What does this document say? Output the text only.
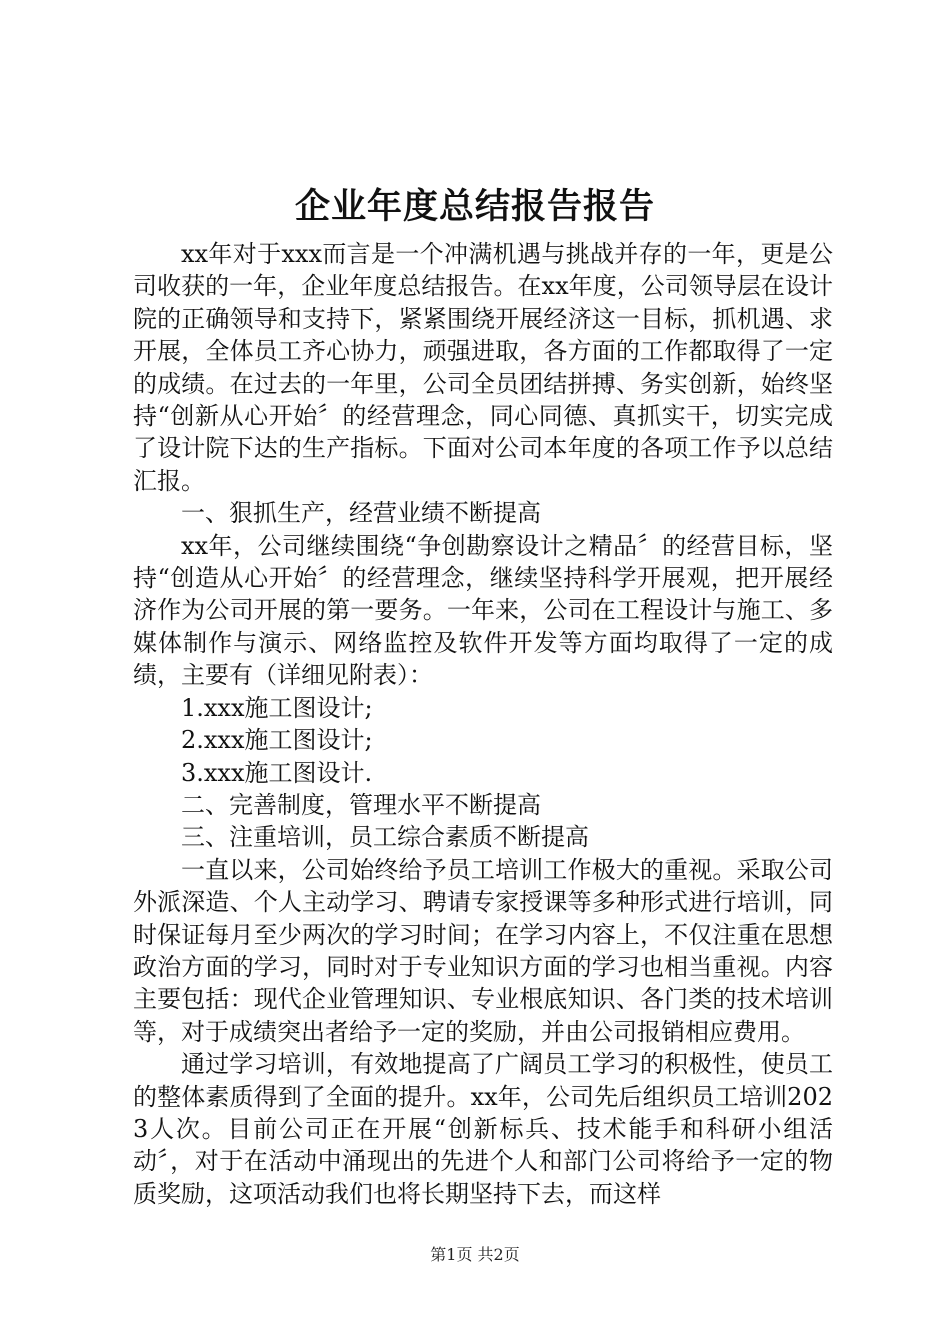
企业年度总结报告报告

xx年对于xxx而言是一个冲满机遇与挑战并存的一年，更是公司收获的一年，企业年度总结报告。在xx年度，公司领导层在设计院的正确领导和支持下，紧紧围绕开展经济这一目标，抓机遇、求开展，全体员工齐心协力，顽强进取，各方面的工作都取得了一定的成绩。在过去的一年里，公司全员团结拼搏、务实创新，始终坚持“创新从心开始〞的经营理念，同心同德、真抓实干，切实完成了设计院下达的生产指标。下面对公司本年度的各项工作予以总结汇报。

一、狠抓生产，经营业绩不断提高

xx年，公司继续围绕“争创勘察设计之精品〞的经营目标，坚持“创造从心开始〞的经营理念，继续坚持科学开展观，把开展经济作为公司开展的第一要务。一年来，公司在工程设计与施工、多媒体制作与演示、网络监控及软件开发等方面均取得了一定的成绩，主要有（详细见附表）：

1.xxx施工图设计;

2.xxx施工图设计;

3.xxx施工图设计.

二、完善制度，管理水平不断提高

三、注重培训，员工综合素质不断提高

一直以来，公司始终给予员工培训工作极大的重视。采取公司外派深造、个人主动学习、聘请专家授课等多种形式进行培训，同时保证每月至少两次的学习时间；在学习内容上，不仅注重在思想政治方面的学习，同时对于专业知识方面的学习也相当重视。内容主要包括：现代企业管理知识、专业根底知识、各门类的技术培训等，对于成绩突出者给予一定的奖励，并由公司报销相应费用。

通过学习培训，有效地提高了广阔员工学习的积极性，使员工的整体素质得到了全面的提升。xx年，公司先后组织员工培训2023人次。目前公司正在开展“创新标兵、技术能手和科研小组活动〞，对于在活动中涌现出的先进个人和部门公司将给予一定的物质奖励，这项活动我们也将长期坚持下去，而这样

第1页 共2页
